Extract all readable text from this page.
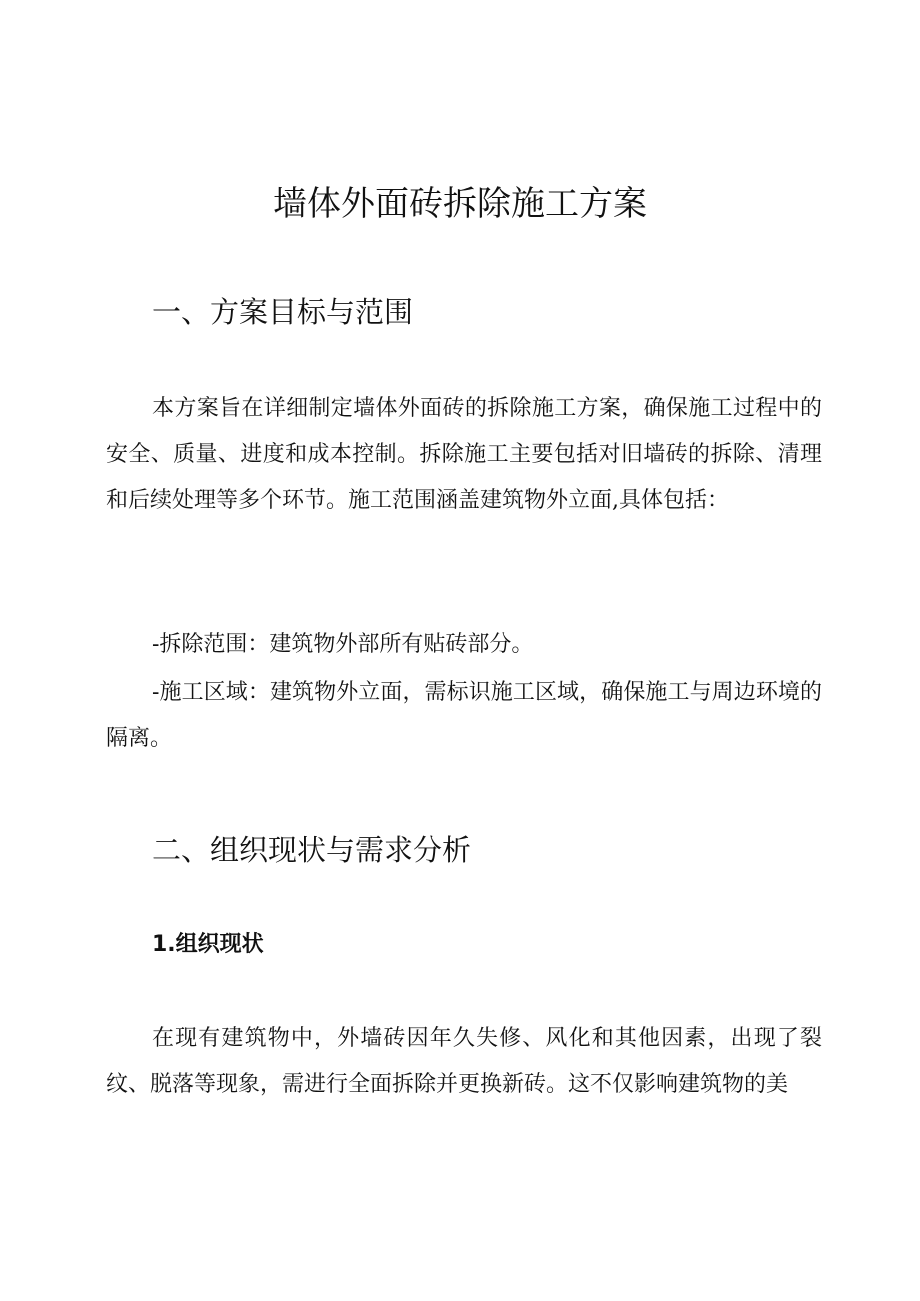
墙体外面砖拆除施工方案
一、方案目标与范围

本方案旨在详细制定墙体外面砖的拆除施工方案，确保施工过程中的安全、质量、进度和成本控制。拆除施工主要包括对旧墙砖的拆除、清理和后续处理等多个环节。施工范围涵盖建筑物外立面,具体包括：

-拆除范围：建筑物外部所有贴砖部分。

-施工区域：建筑物外立面，需标识施工区域，确保施工与周边环境的隔离。

二、组织现状与需求分析
1.组织现状

在现有建筑物中，外墙砖因年久失修、风化和其他因素，出现了裂纹、脱落等现象，需进行全面拆除并更换新砖。这不仅影响建筑物的美
